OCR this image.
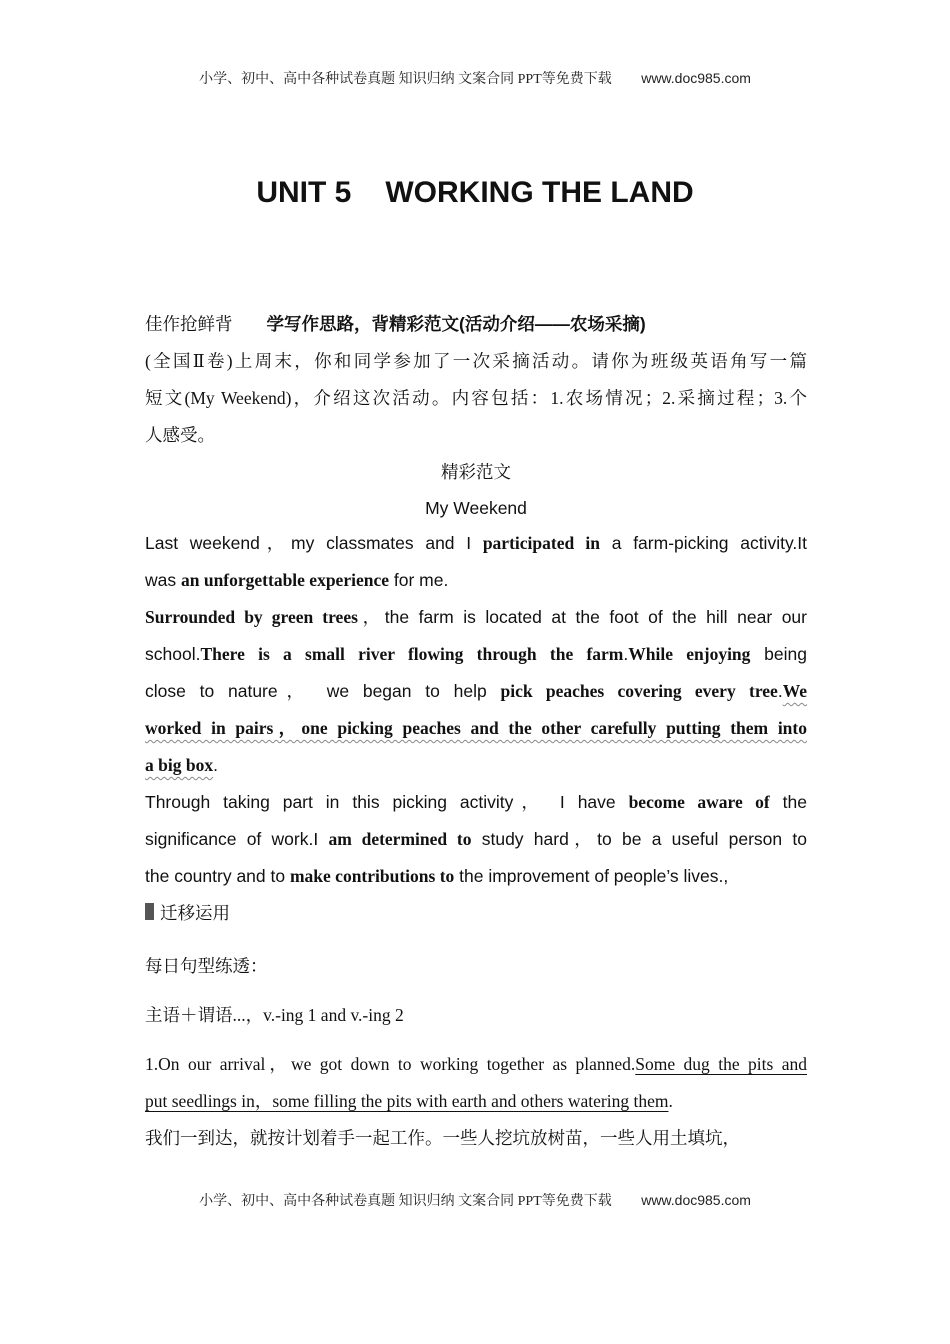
小学、初中、高中各种试卷真题 知识归纳 文案合同 PPT等免费下载 www.doc985.com
UNIT 5 WORKING THE LAND

佳作抢鲜背 学写作思路，背精彩范文(活动介绍——农场采摘)

(全国Ⅱ卷)上周末，你和同学参加了一次采摘活动。请你为班级英语角写一篇

短文(My Weekend)，介绍这次活动。内容包括：1.农场情况；2.采摘过程；3.个

人感受。

精彩范文

My Weekend

Last weekend，my classmates and I participated in a farm-picking activity.It

was an unforgettable experience for me.

Surrounded by green trees，the farm is located at the foot of the hill near our

school.There is a small river flowing through the farm.While enjoying being

close to nature， we began to help pick peaches covering every tree.We

worked in pairs，one picking peaches and the other carefully putting them into

a big box.

Through taking part in this picking activity， I have become aware of the

significance of work.I am determined to study hard，to be a useful person to

the country and to make contributions to the improvement of people’s lives.,

迁移运用

每日句型练透：

主语＋谓语...，v.-ing 1 and v.-ing 2

1.On our arrival，we got down to working together as planned.Some dug the pits and

put seedlings in，some filling the pits with earth and others watering them.

我们一到达，就按计划着手一起工作。一些人挖坑放树苗，一些人用土填坑，

小学、初中、高中各种试卷真题 知识归纳 文案合同 PPT等免费下载 www.doc985.com
